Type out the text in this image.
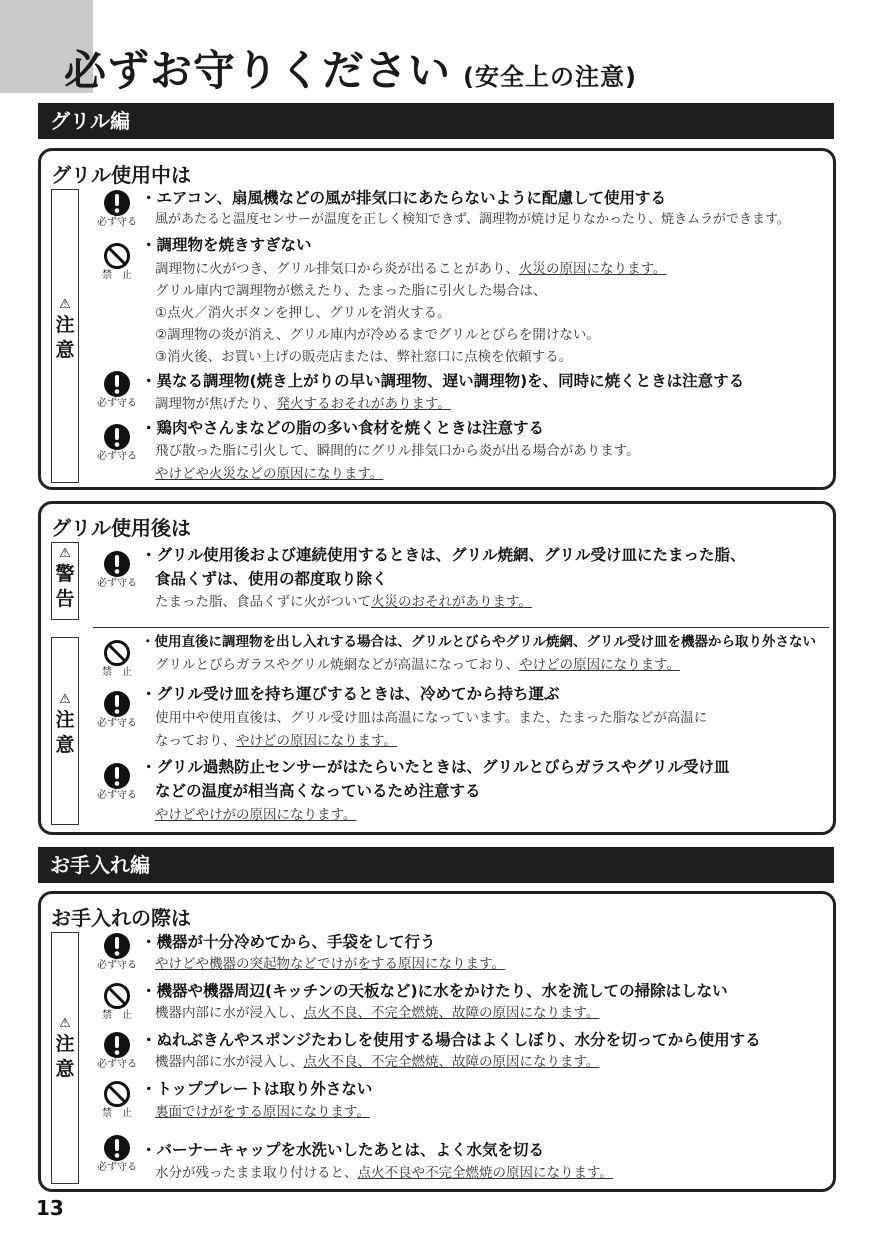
必ずお守りください (安全上の注意)
グリル編
グリル使用中は
⚠
注
意
必ず守る
・エアコン、扇風機などの風が排気口にあたらないように配慮して使用する
風があたると温度センサーが温度を正しく検知できず、調理物が焼け足りなかったり、焼きムラができます。
禁　止
・調理物を焼きすぎない
調理物に火がつき、グリル排気口から炎が出ることがあり、火災の原因になります。
グリル庫内で調理物が燃えたり、たまった脂に引火した場合は、
①点火／消火ボタンを押し、グリルを消火する。
②調理物の炎が消え、グリル庫内が冷めるまでグリルとびらを開けない。
③消火後、お買い上げの販売店または、弊社窓口に点検を依頼する。
必ず守る
・異なる調理物(焼き上がりの早い調理物、遅い調理物)を、同時に焼くときは注意する
調理物が焦げたり、発火するおそれがあります。
必ず守る
・鶏肉やさんまなどの脂の多い食材を焼くときは注意する
飛び散った脂に引火して、瞬間的にグリル排気口から炎が出る場合があります。
やけどや火災などの原因になります。
グリル使用後は
⚠
警
告
必ず守る
・グリル使用後および連続使用するときは、グリル焼網、グリル受け皿にたまった脂、
食品くずは、使用の都度取り除く
たまった脂、食品くずに火がついて火災のおそれがあります。
⚠
注
意
禁　止
・使用直後に調理物を出し入れする場合は、グリルとびらやグリル焼網、グリル受け皿を機器から取り外さない
グリルとびらガラスやグリル焼網などが高温になっており、やけどの原因になります。
必ず守る
・グリル受け皿を持ち運びするときは、冷めてから持ち運ぶ
使用中や使用直後は、グリル受け皿は高温になっています。また、たまった脂などが高温に
なっており、やけどの原因になります。
必ず守る
・グリル過熱防止センサーがはたらいたときは、グリルとびらガラスやグリル受け皿
などの温度が相当高くなっているため注意する
やけどやけがの原因になります。
お手入れ編
お手入れの際は
⚠
注
意
必ず守る
・機器が十分冷めてから、手袋をして行う
やけどや機器の突起物などでけがをする原因になります。
禁　止
・機器や機器周辺(キッチンの天板など)に水をかけたり、水を流しての掃除はしない
機器内部に水が浸入し、点火不良、不完全燃焼、故障の原因になります。
必ず守る
・ぬれぶきんやスポンジたわしを使用する場合はよくしぼり、水分を切ってから使用する
機器内部に水が浸入し、点火不良、不完全燃焼、故障の原因になります。
禁　止
・トッププレートは取り外さない
裏面でけがをする原因になります。
必ず守る
・バーナーキャップを水洗いしたあとは、よく水気を切る
水分が残ったまま取り付けると、点火不良や不完全燃焼の原因になります。
13
